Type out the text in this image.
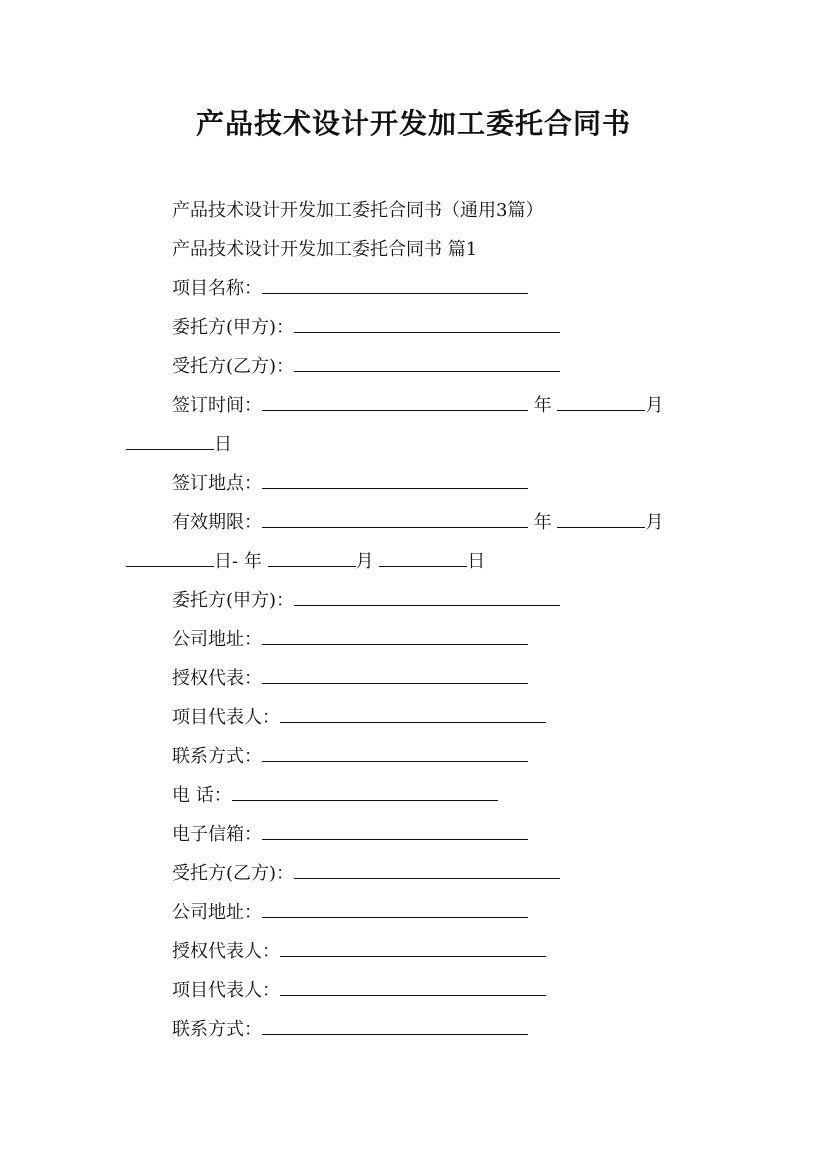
产品技术设计开发加工委托合同书
产品技术设计开发加工委托合同书（通用3篇）
产品技术设计开发加工委托合同书 篇1
项目名称：
委托方(甲方)：
受托方(乙方)：
签订时间：	年	月
日
签订地点：
有效期限：	年	月
日- 年	月	日
委托方(甲方)：
公司地址：
授权代表：
项目代表人：
联系方式：
电 话：
电子信箱：
受托方(乙方)：
公司地址：
授权代表人：
项目代表人：
联系方式：
